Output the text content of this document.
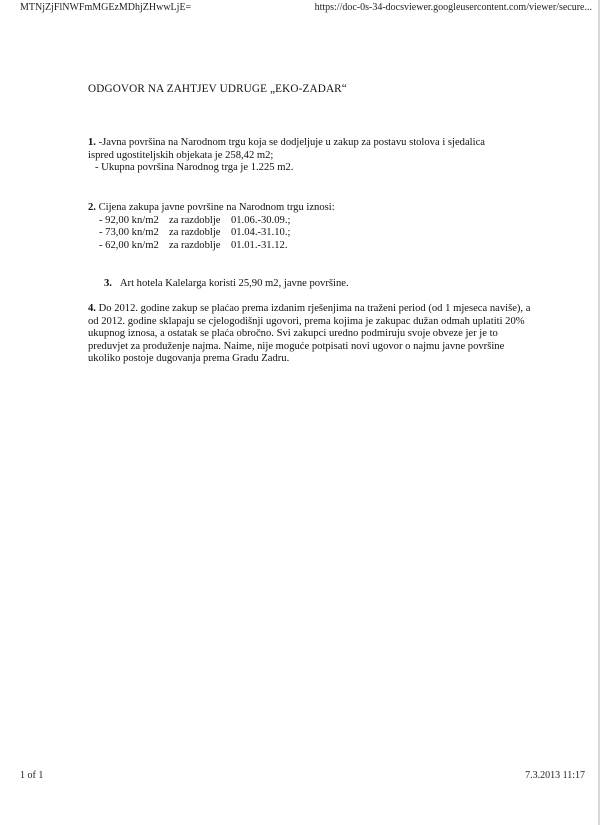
MTNjZjFlNWFmMGEzMDhjZHwwLjE=	https://doc-0s-34-docsviewer.googleusercontent.com/viewer/secure...
ODGOVOR NA ZAHTJEV UDRUGE „EKO-ZADAR“

1. -Javna površina na Narodnom trgu koja se dodjeljuje u zakup za postavu stolova i sjedalica

ispred ugostiteljskih objekata je 258,42 m2;

- Ukupna površina Narodnog trga je 1.225 m2.

2. Cijena zakupa javne površine na Narodnom trgu iznosi:

- 92,00 kn/m2 za razdoblje 01.06.-30.09.;

- 73,00 kn/m2 za razdoblje 01.04.-31.10.;

- 62,00 kn/m2 za razdoblje 01.01.-31.12.

3. Art hotela Kalelarga koristi 25,90 m2, javne površine.

4. Do 2012. godine zakup se plaćao prema izdanim rješenjima na traženi period (od 1 mjeseca naviše), a od 2012. godine sklapaju se cjelogodišnji ugovori, prema kojima je zakupac dužan odmah uplatiti 20% ukupnog iznosa, a ostatak se plaća obročno. Svi zakupci uredno podmiruju svoje obveze jer je to preduvjet za produženje najma. Naime, nije moguće potpisati novi ugovor o najmu javne površine ukoliko postoje dugovanja prema Gradu Zadru.

1 of 1	7.3.2013 11:17
